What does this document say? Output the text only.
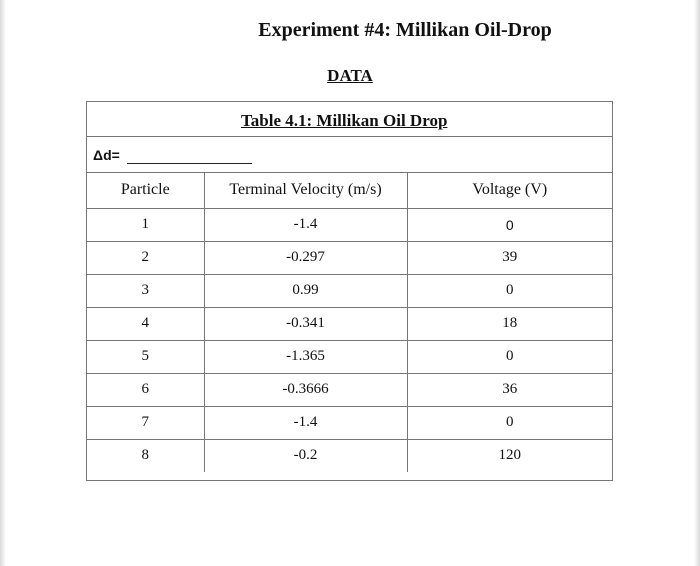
Experiment #4: Millikan Oil-Drop
DATA
Table 4.1: Millikan Oil Drop
Δd=
Particle	Terminal Velocity (m/s)	Voltage (V)
1	-1.4	0
2	-0.297	39
3	0.99	0
4	-0.341	18
5	-1.365	0
6	-0.3666	36
7	-1.4	0
8	-0.2	120
